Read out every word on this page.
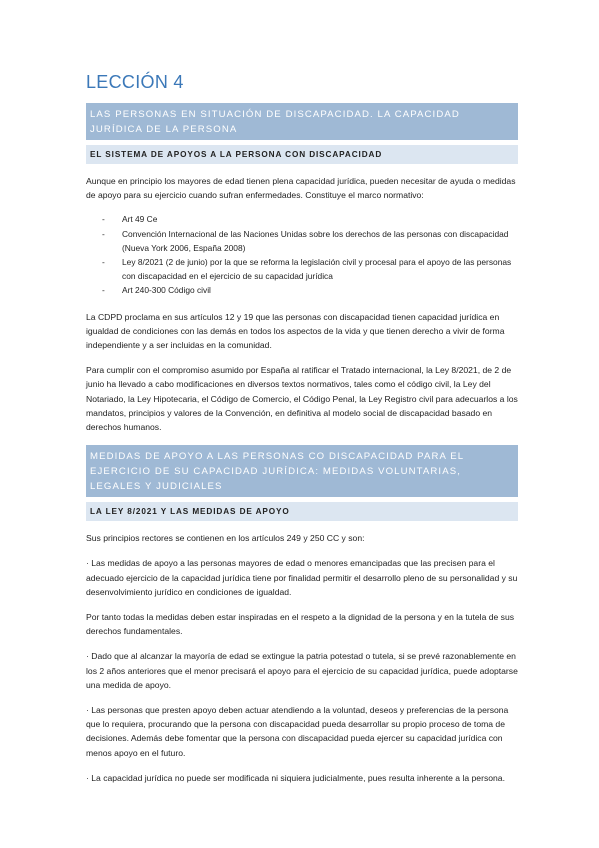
LECCIÓN 4
LAS PERSONAS EN SITUACIÓN DE DISCAPACIDAD. LA CAPACIDAD JURÍDICA DE LA PERSONA
EL SISTEMA DE APOYOS A LA PERSONA CON DISCAPACIDAD

Aunque en principio los mayores de edad tienen plena capacidad jurídica, pueden necesitar de ayuda o medidas de apoyo para su ejercicio cuando sufran enfermedades. Constituye el marco normativo:

- Art 49 Ce
- Convención Internacional de las Naciones Unidas sobre los derechos de las personas con discapacidad (Nueva York 2006, España 2008)
- Ley 8/2021 (2 de junio) por la que se reforma la legislación civil y procesal para el apoyo de las personas con discapacidad en el ejercicio de su capacidad jurídica
- Art 240-300 Código civil

La CDPD proclama en sus artículos 12 y 19 que las personas con discapacidad tienen capacidad jurídica en igualdad de condiciones con las demás en todos los aspectos de la vida y que tienen derecho a vivir de forma independiente y a ser incluidas en la comunidad.

Para cumplir con el compromiso asumido por España al ratificar el Tratado internacional, la Ley 8/2021, de 2 de junio ha llevado a cabo modificaciones en diversos textos normativos, tales como el código civil, la Ley del Notariado, la Ley Hipotecaria, el Código de Comercio, el Código Penal, la Ley Registro civil para adecuarlos a los mandatos, principios y valores de la Convención, en definitiva al modelo social de discapacidad basado en derechos humanos.

MEDIDAS DE APOYO A LAS PERSONAS CO DISCAPACIDAD PARA EL EJERCICIO DE SU CAPACIDAD JURÍDICA: MEDIDAS VOLUNTARIAS, LEGALES Y JUDICIALES
LA LEY 8/2021 Y LAS MEDIDAS DE APOYO

Sus principios rectores se contienen en los artículos 249 y 250 CC y son:

· Las medidas de apoyo a las personas mayores de edad o menores emancipadas que las precisen para el adecuado ejercicio de la capacidad jurídica tiene por finalidad permitir el desarrollo pleno de su personalidad y su desenvolvimiento jurídico en condiciones de igualdad.

Por tanto todas la medidas deben estar inspiradas en el respeto a la dignidad de la persona y en la tutela de sus derechos fundamentales.

· Dado que al alcanzar la mayoría de edad se extingue la patria potestad o tutela, si se prevé razonablemente en los 2 años anteriores que el menor precisará el apoyo para el ejercicio de su capacidad jurídica, puede adoptarse una medida de apoyo.

· Las personas que presten apoyo deben actuar atendiendo a la voluntad, deseos y preferencias de la persona que lo requiera, procurando que la persona con discapacidad pueda desarrollar su propio proceso de toma de decisiones. Además debe fomentar que la persona con discapacidad pueda ejercer su capacidad jurídica con menos apoyo en el futuro.

· La capacidad jurídica no puede ser modificada ni siquiera judicialmente, pues resulta inherente a la persona.
